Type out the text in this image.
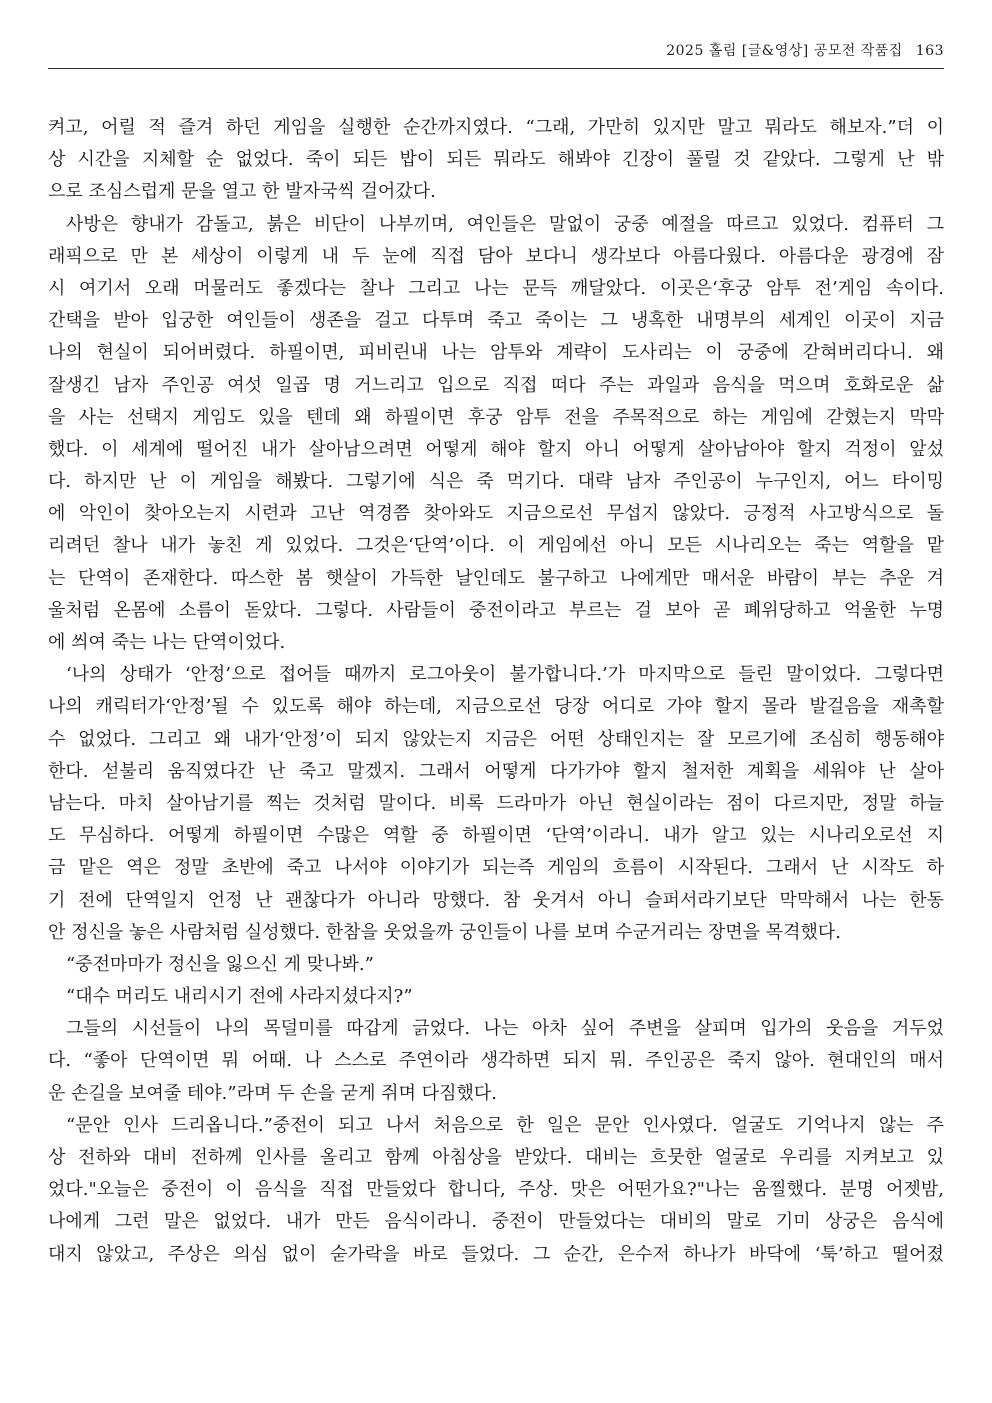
2025 홀림 [글&영상] 공모전 작품집 163
켜고, 어릴 적 즐겨 하던 게임을 실행한 순간까지였다. “그래, 가만히 있지만 말고 뭐라도 해보자.”더 이
상 시간을 지체할 순 없었다. 죽이 되든 밥이 되든 뭐라도 해봐야 긴장이 풀릴 것 같았다. 그렇게 난 밖
으로 조심스럽게 문을 열고 한 발자국씩 걸어갔다.
사방은 향내가 감돌고, 붉은 비단이 나부끼며, 여인들은 말없이 궁중 예절을 따르고 있었다. 컴퓨터 그
래픽으로 만 본 세상이 이렇게 내 두 눈에 직접 담아 보다니 생각보다 아름다웠다. 아름다운 광경에 잠
시 여기서 오래 머물러도 좋겠다는 찰나 그리고 나는 문득 깨달았다. 이곳은‘후궁 암투 전’게임 속이다.
간택을 받아 입궁한 여인들이 생존을 걸고 다투며 죽고 죽이는 그 냉혹한 내명부의 세계인 이곳이 지금
나의 현실이 되어버렸다. 하필이면, 피비린내 나는 암투와 계략이 도사리는 이 궁중에 갇혀버리다니. 왜
잘생긴 남자 주인공 여섯 일곱 명 거느리고 입으로 직접 떠다 주는 과일과 음식을 먹으며 호화로운 삶
을 사는 선택지 게임도 있을 텐데 왜 하필이면 후궁 암투 전을 주목적으로 하는 게임에 갇혔는지 막막
했다. 이 세계에 떨어진 내가 살아남으려면 어떻게 해야 할지 아니 어떻게 살아남아야 할지 걱정이 앞섰
다. 하지만 난 이 게임을 해봤다. 그렇기에 식은 죽 먹기다. 대략 남자 주인공이 누구인지, 어느 타이밍
에 악인이 찾아오는지 시련과 고난 역경쯤 찾아와도 지금으로선 무섭지 않았다. 긍정적 사고방식으로 돌
리려던 찰나 내가 놓친 게 있었다. 그것은‘단역’이다. 이 게임에선 아니 모든 시나리오는 죽는 역할을 맡
는 단역이 존재한다. 따스한 봄 햇살이 가득한 날인데도 불구하고 나에게만 매서운 바람이 부는 추운 겨
울처럼 온몸에 소름이 돋았다. 그렇다. 사람들이 중전이라고 부르는 걸 보아 곧 폐위당하고 억울한 누명
에 씌여 죽는 나는 단역이었다.
‘나의 상태가 ‘안정’으로 접어들 때까지 로그아웃이 불가합니다.’가 마지막으로 들린 말이었다. 그렇다면
나의 캐릭터가‘안정’될 수 있도록 해야 하는데, 지금으로선 당장 어디로 가야 할지 몰라 발걸음을 재촉할
수 없었다. 그리고 왜 내가‘안정’이 되지 않았는지 지금은 어떤 상태인지는 잘 모르기에 조심히 행동해야
한다. 섣불리 움직였다간 난 죽고 말겠지. 그래서 어떻게 다가가야 할지 철저한 계획을 세워야 난 살아
남는다. 마치 살아남기를 찍는 것처럼 말이다. 비록 드라마가 아닌 현실이라는 점이 다르지만, 정말 하늘
도 무심하다. 어떻게 하필이면 수많은 역할 중 하필이면 ‘단역’이라니. 내가 알고 있는 시나리오로선 지
금 맡은 역은 정말 초반에 죽고 나서야 이야기가 되는즉 게임의 흐름이 시작된다. 그래서 난 시작도 하
기 전에 단역일지 언정 난 괜찮다가 아니라 망했다. 참 웃겨서 아니 슬퍼서라기보단 막막해서 나는 한동
안 정신을 놓은 사람처럼 실성했다. 한참을 웃었을까 궁인들이 나를 보며 수군거리는 장면을 목격했다.
“중전마마가 정신을 잃으신 게 맞나봐.”
“대수 머리도 내리시기 전에 사라지셨다지?”
그들의 시선들이 나의 목덜미를 따갑게 긁었다. 나는 아차 싶어 주변을 살피며 입가의 웃음을 거두었
다. “좋아 단역이면 뭐 어때. 나 스스로 주연이라 생각하면 되지 뭐. 주인공은 죽지 않아. 현대인의 매서
운 손길을 보여줄 테야.”라며 두 손을 굳게 쥐며 다짐했다.
“문안 인사 드리옵니다.”중전이 되고 나서 처음으로 한 일은 문안 인사였다. 얼굴도 기억나지 않는 주
상 전하와 대비 전하께 인사를 올리고 함께 아침상을 받았다. 대비는 흐뭇한 얼굴로 우리를 지켜보고 있
었다."오늘은 중전이 이 음식을 직접 만들었다 합니다, 주상. 맛은 어떤가요?"나는 움찔했다. 분명 어젯밤,
나에게 그런 말은 없었다. 내가 만든 음식이라니. 중전이 만들었다는 대비의 말로 기미 상궁은 음식에
대지 않았고, 주상은 의심 없이 숟가락을 바로 들었다. 그 순간, 은수저 하나가 바닥에 ‘툭’하고 떨어졌
